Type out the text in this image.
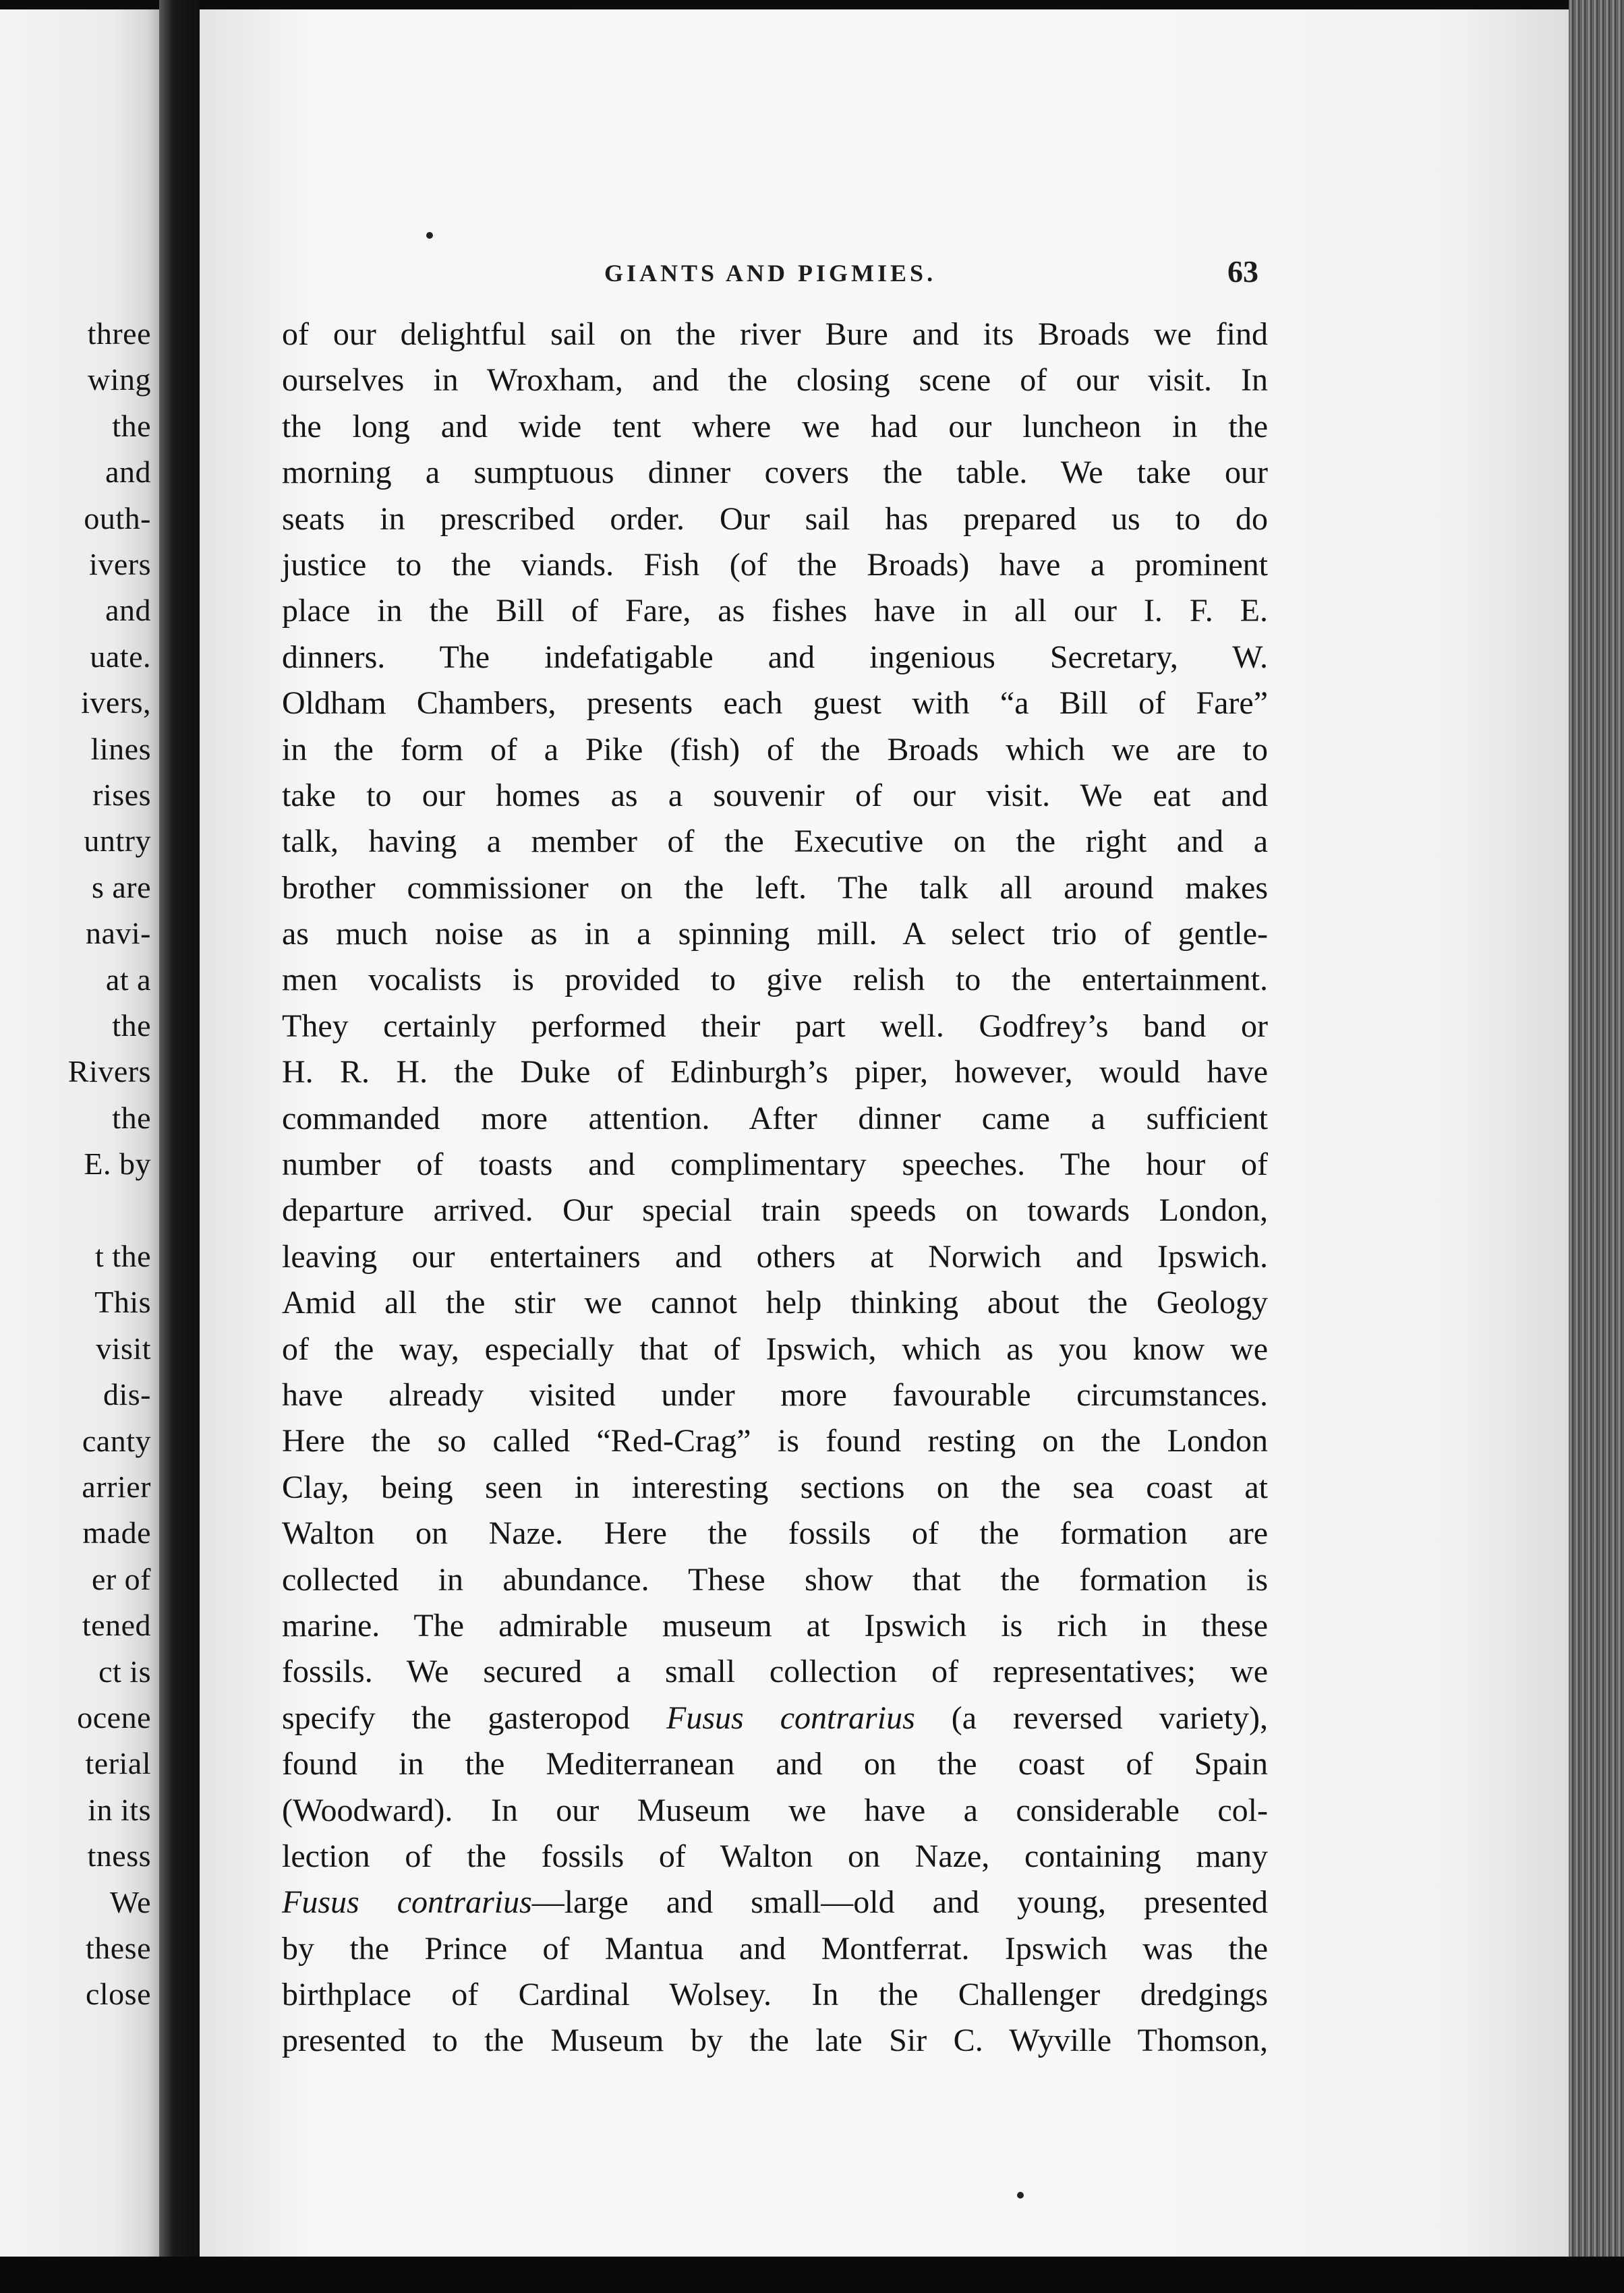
three
wing
the
and
outh-
ivers
and
uate.
ivers,
lines
rises
untry
s are
navi-
at a
the
Rivers
the
E. by
t the
This
visit
dis-
canty
arrier
made
er of
tened
ct is
ocene
terial
in its
tness
We
these
close
GIANTS AND PIGMIES.	63
of our delightful sail on the river Bure and its Broads we find
ourselves in Wroxham, and the closing scene of our visit. In
the long and wide tent where we had our luncheon in the
morning a sumptuous dinner covers the table. We take our
seats in prescribed order. Our sail has prepared us to do
justice to the viands. Fish (of the Broads) have a prominent
place in the Bill of Fare, as fishes have in all our I. F. E.
dinners. The indefatigable and ingenious Secretary, W.
Oldham Chambers, presents each guest with “a Bill of Fare”
in the form of a Pike (fish) of the Broads which we are to
take to our homes as a souvenir of our visit. We eat and
talk, having a member of the Executive on the right and a
brother commissioner on the left. The talk all around makes
as much noise as in a spinning mill. A select trio of gentle-
men vocalists is provided to give relish to the entertainment.
They certainly performed their part well. Godfrey’s band or
H. R. H. the Duke of Edinburgh’s piper, however, would have
commanded more attention. After dinner came a sufficient
number of toasts and complimentary speeches. The hour of
departure arrived. Our special train speeds on towards London,
leaving our entertainers and others at Norwich and Ipswich.
Amid all the stir we cannot help thinking about the Geology
of the way, especially that of Ipswich, which as you know we
have already visited under more favourable circumstances.
Here the so called “Red-Crag” is found resting on the London
Clay, being seen in interesting sections on the sea coast at
Walton on Naze. Here the fossils of the formation are
collected in abundance. These show that the formation is
marine. The admirable museum at Ipswich is rich in these
fossils. We secured a small collection of representatives; we
specify the gasteropod Fusus contrarius (a reversed variety),
found in the Mediterranean and on the coast of Spain
(Woodward). In our Museum we have a considerable col-
lection of the fossils of Walton on Naze, containing many
Fusus contrarius—large and small—old and young, presented
by the Prince of Mantua and Montferrat. Ipswich was the
birthplace of Cardinal Wolsey. In the Challenger dredgings
presented to the Museum by the late Sir C. Wyville Thomson,
